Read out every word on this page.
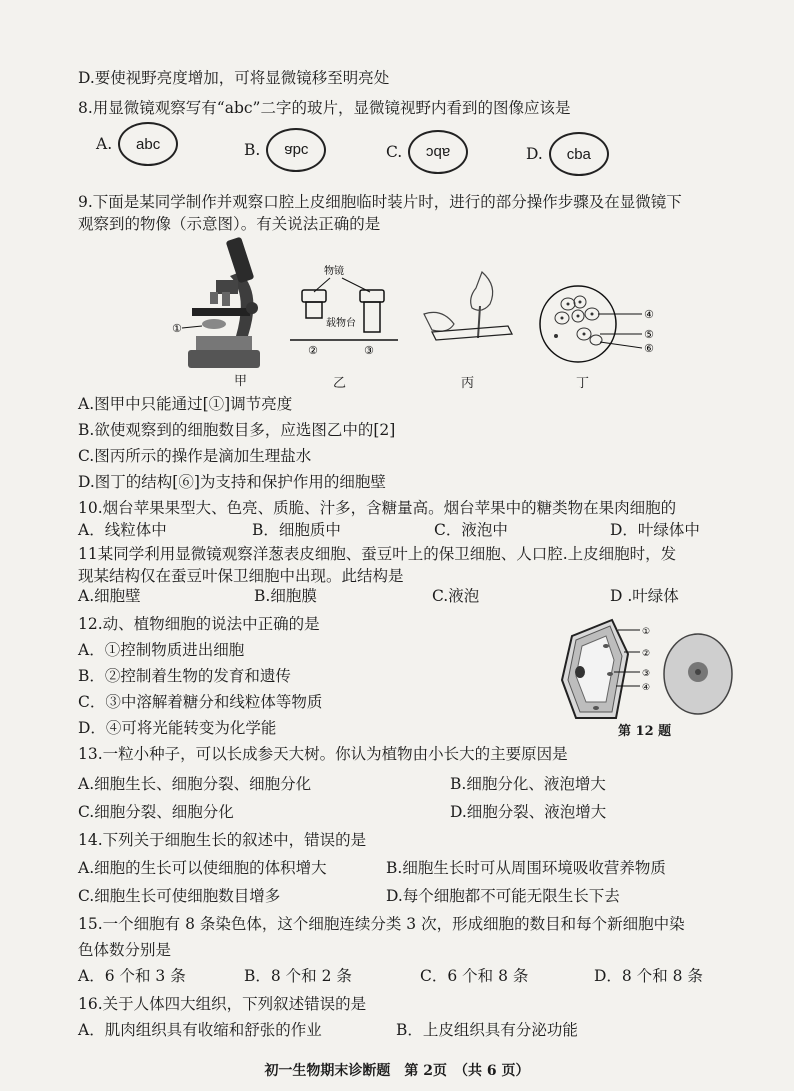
D.要使视野亮度增加，可将显微镜移至明亮处
8.用显微镜观察写有“abc”二字的玻片，显微镜视野内看到的图像应该是
A. abc	B. abc	C. abc	D. cba
9.下面是某同学制作并观察口腔上皮细胞临时装片时，进行的部分操作步骤及在显微镜下
观察到的物像（示意图）。有关说法正确的是
①
甲
物镜
载物台
②	③
乙	丙
④
⑤
⑥
丁
A.图甲中只能通过[①]调节亮度
B.欲使观察到的细胞数目多，应选图乙中的[2]
C.图丙所示的操作是滴加生理盐水
D.图丁的结构[⑥]为支持和保护作用的细胞壁
10.烟台苹果果型大、色亮、质脆、汁多，含糖量高。烟台苹果中的糖类物在果肉细胞的
A．线粒体中	B．细胞质中	C．液泡中	D．叶绿体中
11某同学利用显微镜观察洋葱表皮细胞、蚕豆叶上的保卫细胞、人口腔.上皮细胞时，发
现某结构仅在蚕豆叶保卫细胞中出现。此结构是
A.细胞壁	B.细胞膜	C.液泡	D .叶绿体
12.动、植物细胞的说法中正确的是
A．①控制物质进出细胞
B．②控制着生物的发育和遗传
C．③中溶解着糖分和线粒体等物质
D．④可将光能转变为化学能
①
②
③
④
第 12 题
13.一粒小种子，可以长成参天大树。你认为植物由小长大的主要原因是
A.细胞生长、细胞分裂、细胞分化	B.细胞分化、液泡增大
C.细胞分裂、细胞分化	D.细胞分裂、液泡增大
14.下列关于细胞生长的叙述中，错误的是
A.细胞的生长可以使细胞的体积增大	B.细胞生长时可从周围环境吸收营养物质
C.细胞生长可使细胞数目增多	D.每个细胞都不可能无限生长下去
15.一个细胞有 8 条染色体，这个细胞连续分类 3 次，形成细胞的数目和每个新细胞中染
色体数分别是
A．6 个和 3 条	B．8 个和 2 条	C．6 个和 8 条	D．8 个和 8 条
16.关于人体四大组织，下列叙述错误的是
A．肌肉组织具有收缩和舒张的作业	B．上皮组织具有分泌功能
初一生物期末诊断题　第 2页　（共 6 页）
